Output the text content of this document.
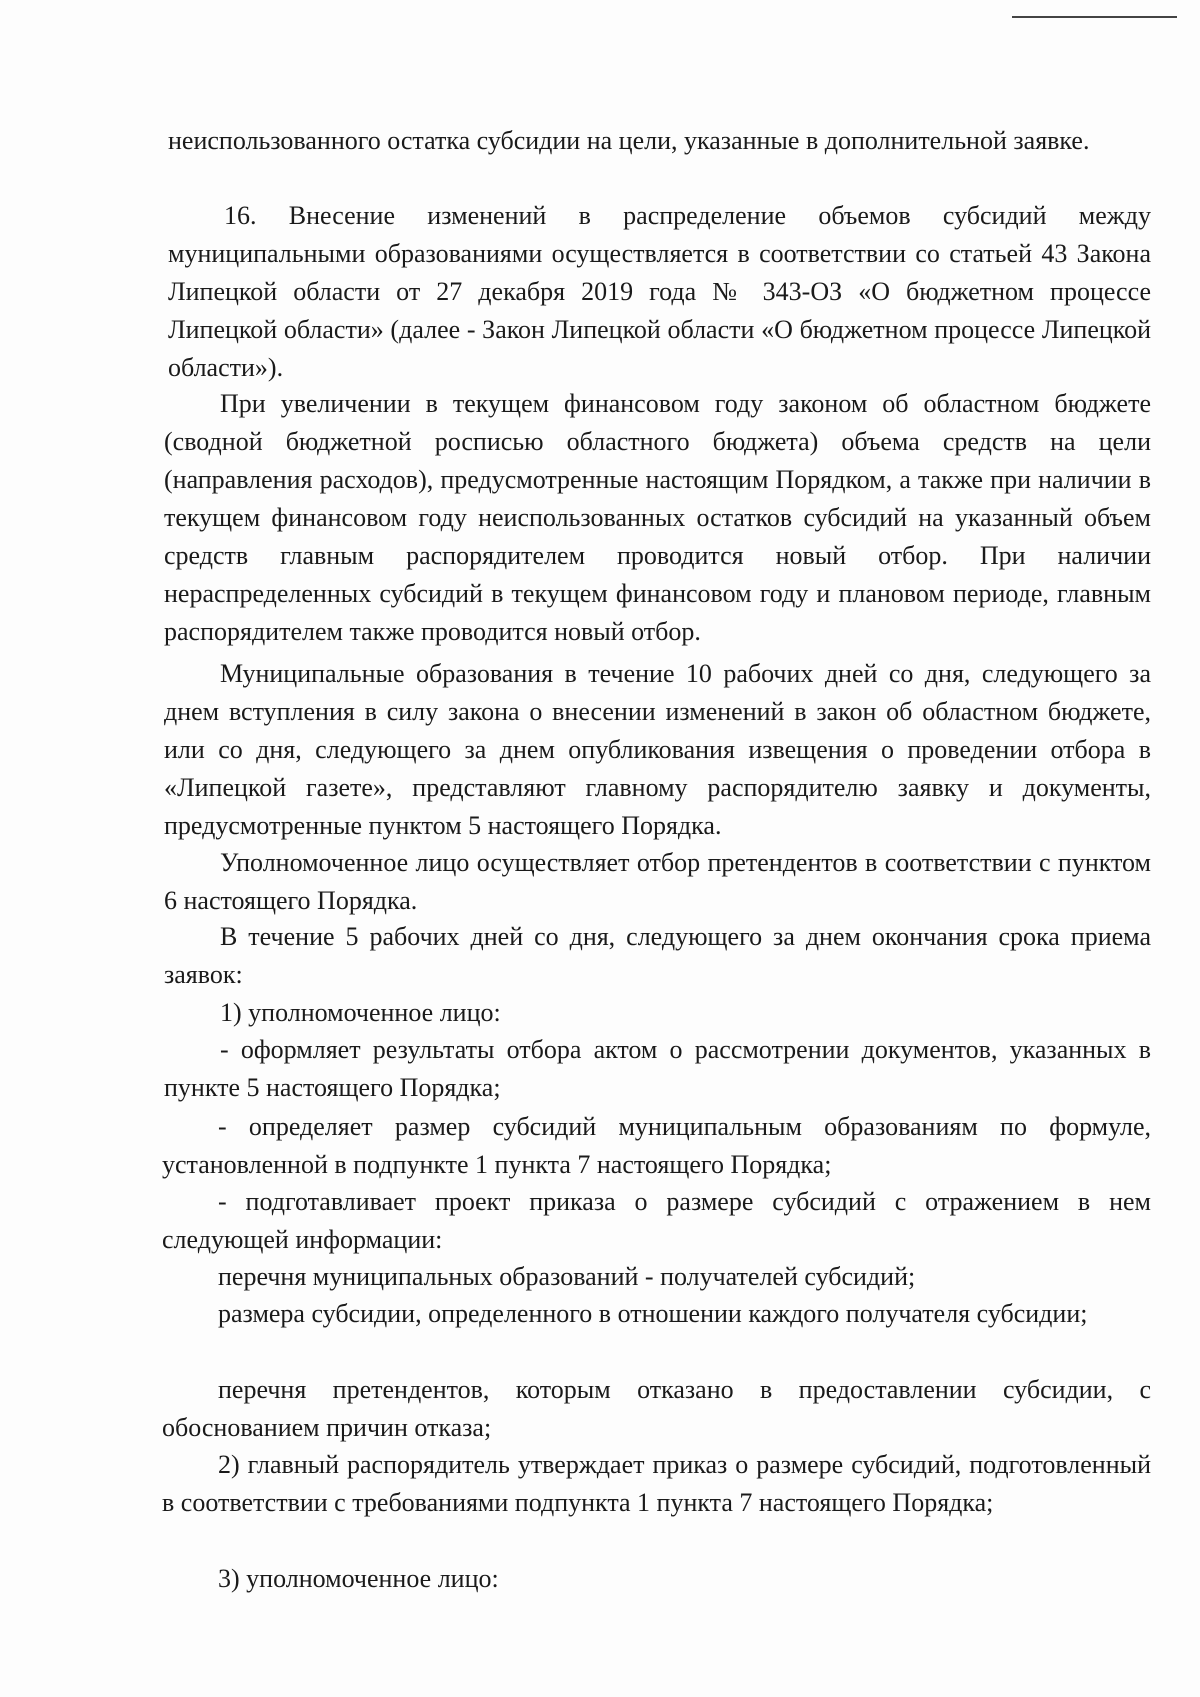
неиспользованного остатка субсидии на цели, указанные в дополнительной заявке.

16. Внесение изменений в распределение объемов субсидий между муниципальными образованиями осуществляется в соответствии со статьей 43 Закона Липецкой области от 27 декабря 2019 года № 343-ОЗ «О бюджетном процессе Липецкой области» (далее - Закон Липецкой области «О бюджетном процессе Липецкой области»).

При увеличении в текущем финансовом году законом об областном бюджете (сводной бюджетной росписью областного бюджета) объема средств на цели (направления расходов), предусмотренные настоящим Порядком, а также при наличии в текущем финансовом году неиспользованных остатков субсидий на указанный объем средств главным распорядителем проводится новый отбор. При наличии нераспределенных субсидий в текущем финансовом году и плановом периоде, главным распорядителем также проводится новый отбор.

Муниципальные образования в течение 10 рабочих дней со дня, следующего за днем вступления в силу закона о внесении изменений в закон об областном бюджете, или со дня, следующего за днем опубликования извещения о проведении отбора в «Липецкой газете», представляют главному распорядителю заявку и документы, предусмотренные пунктом 5 настоящего Порядка.

Уполномоченное лицо осуществляет отбор претендентов в соответствии с пунктом 6 настоящего Порядка.

В течение 5 рабочих дней со дня, следующего за днем окончания срока приема заявок:

1) уполномоченное лицо:

- оформляет результаты отбора актом о рассмотрении документов, указанных в пункте 5 настоящего Порядка;

- определяет размер субсидий муниципальным образованиям по формуле, установленной в подпункте 1 пункта 7 настоящего Порядка;

- подготавливает проект приказа о размере субсидий с отражением в нем следующей информации:

перечня муниципальных образований - получателей субсидий;

размера субсидии, определенного в отношении каждого получателя субсидии;

перечня претендентов, которым отказано в предоставлении субсидии, с обоснованием причин отказа;

2) главный распорядитель утверждает приказ о размере субсидий, подготовленный в соответствии с требованиями подпункта 1 пункта 7 настоящего Порядка;

3) уполномоченное лицо:
